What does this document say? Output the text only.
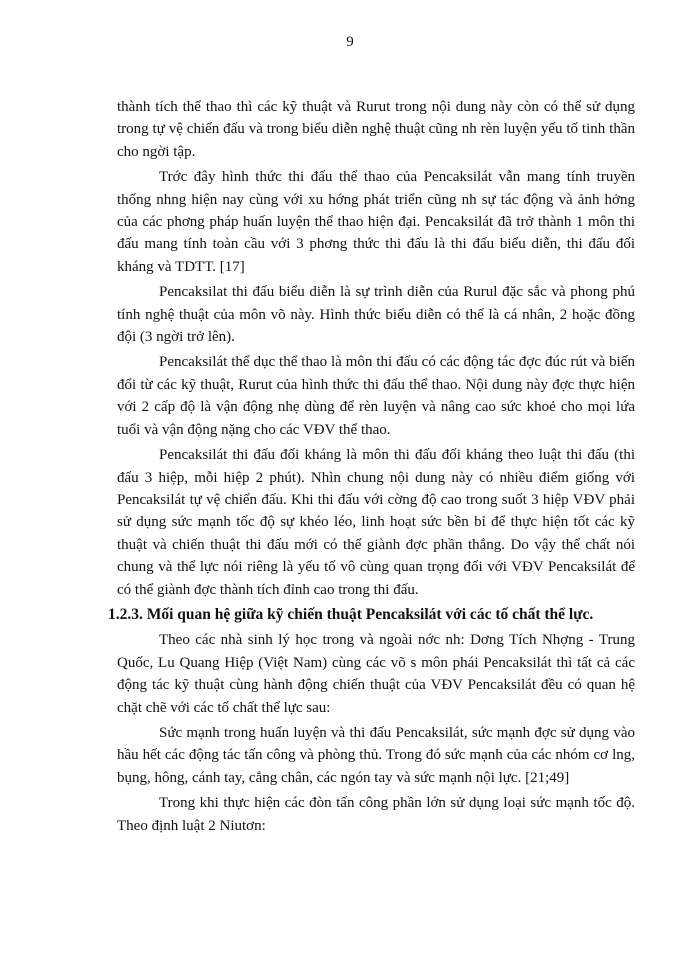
9

thành tích thể thao thì các kỹ thuật và Rurut trong nội dung này còn có thể sử dụng trong tự vệ chiến đấu và trong biểu diễn nghệ thuật cũng nh rèn luyện yếu tố tinh thần cho ngời tập.

Trớc đây hình thức thi đấu thể thao của Pencaksilát vẫn mang tính truyền thống nhng hiện nay cùng với xu hớng phát triển cũng nh sự tác động và ảnh hởng của các phơng pháp huấn luyện thể thao hiện đại. Pencaksilát đã trở thành 1 môn thi đấu mang tính toàn cầu với 3 phơng thức thi đấu là thi đấu biểu diễn, thi đấu đối kháng và TDTT. [17]

Pencaksilat thi đấu biểu diễn là sự trình diễn của Rurul đặc sắc và phong phú tính nghệ thuật của môn võ này. Hình thức biểu diễn có thể là cá nhân, 2 hoặc đồng đội (3 ngời trở lên).

Pencaksilát thể dục thể thao là môn thi đấu có các động tác đợc đúc rút và biến đổi từ các kỹ thuật, Rurut của hình thức thi đấu thể thao. Nội dung này đợc thực hiện với 2 cấp độ là vận động nhẹ dùng để rèn luyện và nâng cao sức khoẻ cho mọi lứa tuổi và vận động nặng cho các VĐV thể thao.

Pencaksilát thi đấu đối kháng là môn thi đấu đối kháng theo luật thi đấu (thi đấu 3 hiệp, mỗi hiệp 2 phút). Nhìn chung nội dung này có nhiều điểm giống với Pencaksilát tự vệ chiến đấu. Khi thi đấu với cờng độ cao trong suốt 3 hiệp VĐV phải sử dụng sức mạnh tốc độ sự khéo léo, linh hoạt sức bền bỉ để thực hiện tốt các kỹ thuật và chiến thuật thi đấu mới có thể giành đợc phần thắng. Do vậy thể chất nói chung và thể lực nói riêng là yếu tố vô cùng quan trọng đối với VĐV Pencaksilát để có thể giành đợc thành tích đỉnh cao trong thi đấu.

1.2.3. Mối quan hệ giữa kỹ chiến thuật Pencaksilát với các tố chất thể lực.

Theo các nhà sinh lý học trong và ngoài nớc nh: Dơng Tích Nhợng - Trung Quốc, Lu Quang Hiệp (Việt Nam) cùng các võ s môn phái Pencaksilát thì tất cả các động tác kỹ thuật cùng hành động chiến thuật của VĐV Pencaksilát đều có quan hệ chặt chẽ với các tố chất thể lực sau:

Sức mạnh trong huấn luyện và thi đấu Pencaksilát, sức mạnh đợc sử dụng vào hầu hết các động tác tấn công và phòng thủ. Trong đó sức mạnh của các nhóm cơ lng, bụng, hông, cánh tay, cẳng chân, các ngón tay và sức mạnh nội lực. [21;49]

Trong khi thực hiện các đòn tấn công phần lớn sử dụng loại sức mạnh tốc độ. Theo định luật 2 Niutơn:
